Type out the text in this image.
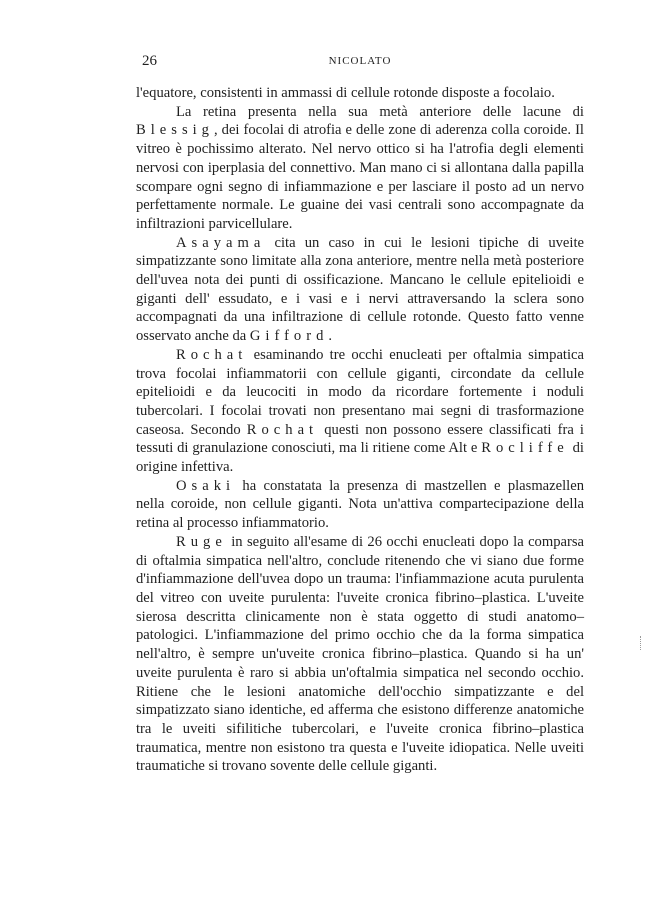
26	NICOLATO

l'equatore, consistenti in ammassi di cellule rotonde disposte a focolaio.

La retina presenta nella sua metà anteriore delle lacune di Blessig, dei focolai di atrofia e delle zone di aderenza colla coroide. Il vitreo è pochissimo alterato. Nel nervo ottico si ha l'atrofia degli elementi nervosi con iperplasia del connettivo. Man mano ci si allontana dalla papilla scompare ogni segno di infiammazione e per lasciare il posto ad un nervo perfettamente normale. Le guaine dei vasi centrali sono accompagnate da infiltrazioni parvicellulare.

Asayama cita un caso in cui le lesioni tipiche di uveite simpatizzante sono limitate alla zona anteriore, mentre nella metà posteriore dell'uvea nota dei punti di ossificazione. Mancano le cellule epitelioidi e giganti dell' essudato, e i vasi e i nervi attraversando la sclera sono accompagnati da una infiltrazione di cellule rotonde. Questo fatto venne osservato anche da Gifford.

Rochat esaminando tre occhi enucleati per oftalmia simpatica trova focolai infiammatorii con cellule giganti, circondate da cellule epitelioidi e da leucociti in modo da ricordare fortemente i noduli tubercolari. I focolai trovati non presentano mai segni di trasformazione caseosa. Secondo Rochat questi non possono essere classificati fra i tessuti di granulazione conosciuti, ma li ritiene come Alt e Rocliffe di origine infettiva.

Osaki ha constatata la presenza di mastzellen e plasmazellen nella coroide, non cellule giganti. Nota un'attiva compartecipazione della retina al processo infiammatorio.

Ruge in seguito all'esame di 26 occhi enucleati dopo la comparsa di oftalmia simpatica nell'altro, conclude ritenendo che vi siano due forme d'infiammazione dell'uvea dopo un trauma: l'infiammazione acuta purulenta del vitreo con uveite purulenta: l'uveite cronica fibrino–plastica. L'uveite sierosa descritta clinicamente non è stata oggetto di studi anatomo–patologici. L'infiammazione del primo occhio che da la forma simpatica nell'altro, è sempre un'uveite cronica fibrino–plastica. Quando si ha un' uveite purulenta è raro si abbia un'oftalmia simpatica nel secondo occhio. Ritiene che le lesioni anatomiche dell'occhio simpatizzante e del simpatizzato siano identiche, ed afferma che esistono differenze anatomiche tra le uveiti sifilitiche tubercolari, e l'uveite cronica fibrino–plastica traumatica, mentre non esistono tra questa e l'uveite idiopatica. Nelle uveiti traumatiche si trovano sovente delle cellule giganti.
